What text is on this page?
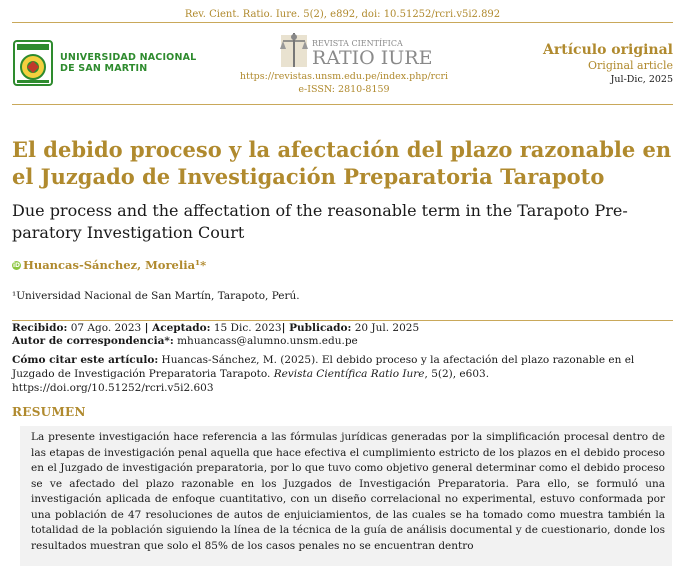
Rev. Cient. Ratio. Iure. 5(2), e892, doi: 10.51252/rcri.v5i2.892
UNIVERSIDAD NACIONAL
DE SAN MARTIN
REVISTA CIENTÍFICA
RATIO IURE
https://revistas.unsm.edu.pe/index.php/rcri
e-ISSN: 2810-8159
Artículo original
Original article
Jul-Dic, 2025
El debido proceso y la afectación del plazo razonable en el Juzgado de Investigación Preparatoria Tarapoto
Due process and the affectation of the reasonable term in the Tarapoto Pre-paratory Investigation Court
iD Huancas-Sánchez, Morelia¹*
¹Universidad Nacional de San Martín, Tarapoto, Perú.
Recibido: 07 Ago. 2023 | Aceptado: 15 Dic. 2023| Publicado: 20 Jul. 2025
Autor de correspondencia*: mhuancass@alumno.unsm.edu.pe
Cómo citar este artículo: Huancas-Sánchez, M. (2025). El debido proceso y la afectación del plazo razonable en el Juzgado de Investigación Preparatoria Tarapoto. Revista Científica Ratio Iure, 5(2), e603. https://doi.org/10.51252/rcri.v5i2.603
RESUMEN
La presente investigación hace referencia a las fórmulas jurídicas generadas por la simplificación procesal dentro de las etapas de investigación penal aquella que hace efectiva el cumplimiento estricto de los plazos en el debido proceso en el Juzgado de investigación preparatoria, por lo que tuvo como objetivo general determinar como el debido proceso se ve afectado del plazo razonable en los Juzgados de Investigación Preparatoria. Para ello, se formuló una investigación aplicada de enfoque cuantitativo, con un diseño correlacional no experimental, estuvo conformada por una población de 47 resoluciones de autos de enjuiciamientos, de las cuales se ha tomado como muestra también la totalidad de la población siguiendo la línea de la técnica de la guía de análisis documental y de cuestionario, donde los resultados muestran que solo el 85% de los casos penales no se encuentran dentro
